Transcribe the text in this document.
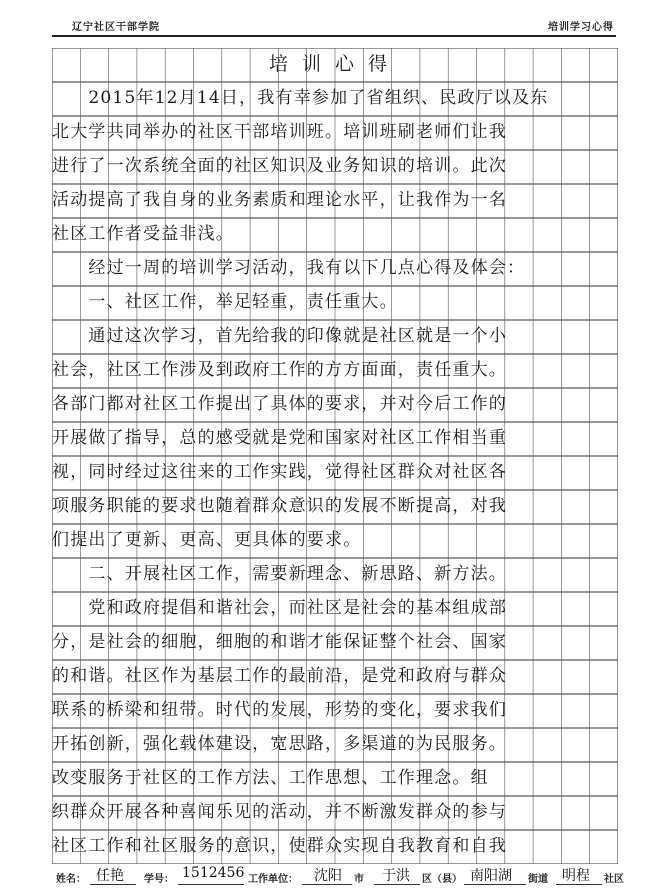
辽宁社区干部学院	培训学习心得
培训心得
　　2015年12月14日，我有幸参加了省组织、民政厅以及东
北大学共同举办的社区干部培训班。培训班刷老师们让我
进行了一次系统全面的社区知识及业务知识的培训。此次
活动提高了我自身的业务素质和理论水平，让我作为一名
社区工作者受益非浅。
　　经过一周的培训学习活动，我有以下几点心得及体会：
　　一、社区工作，举足轻重，责任重大。
　　通过这次学习，首先给我的印像就是社区就是一个小
社会，社区工作涉及到政府工作的方方面面，责任重大。
各部门都对社区工作提出了具体的要求，并对今后工作的
开展做了指导，总的感受就是党和国家对社区工作相当重
视，同时经过这往来的工作实践，觉得社区群众对社区各
项服务职能的要求也随着群众意识的发展不断提高，对我
们提出了更新、更高、更具体的要求。
　　二、开展社区工作，需要新理念、新思路、新方法。
　　党和政府提倡和谐社会，而社区是社会的基本组成部
分，是社会的细胞，细胞的和谐才能保证整个社会、国家
的和谐。社区作为基层工作的最前沿，是党和政府与群众
联系的桥梁和纽带。时代的发展，形势的变化，要求我们
开拓创新，强化载体建设，宽思路，多渠道的为民服务。
改变服务于社区的工作方法、工作思想、工作理念。组
织群众开展各种喜闻乐见的活动，并不断激发群众的参与
社区工作和社区服务的意识，使群众实现自我教育和自我
姓名： 任艳 学号： 1512456 工作单位： 沈阳 市 于洪 区（县） 南阳湖 街道 明程 社区
